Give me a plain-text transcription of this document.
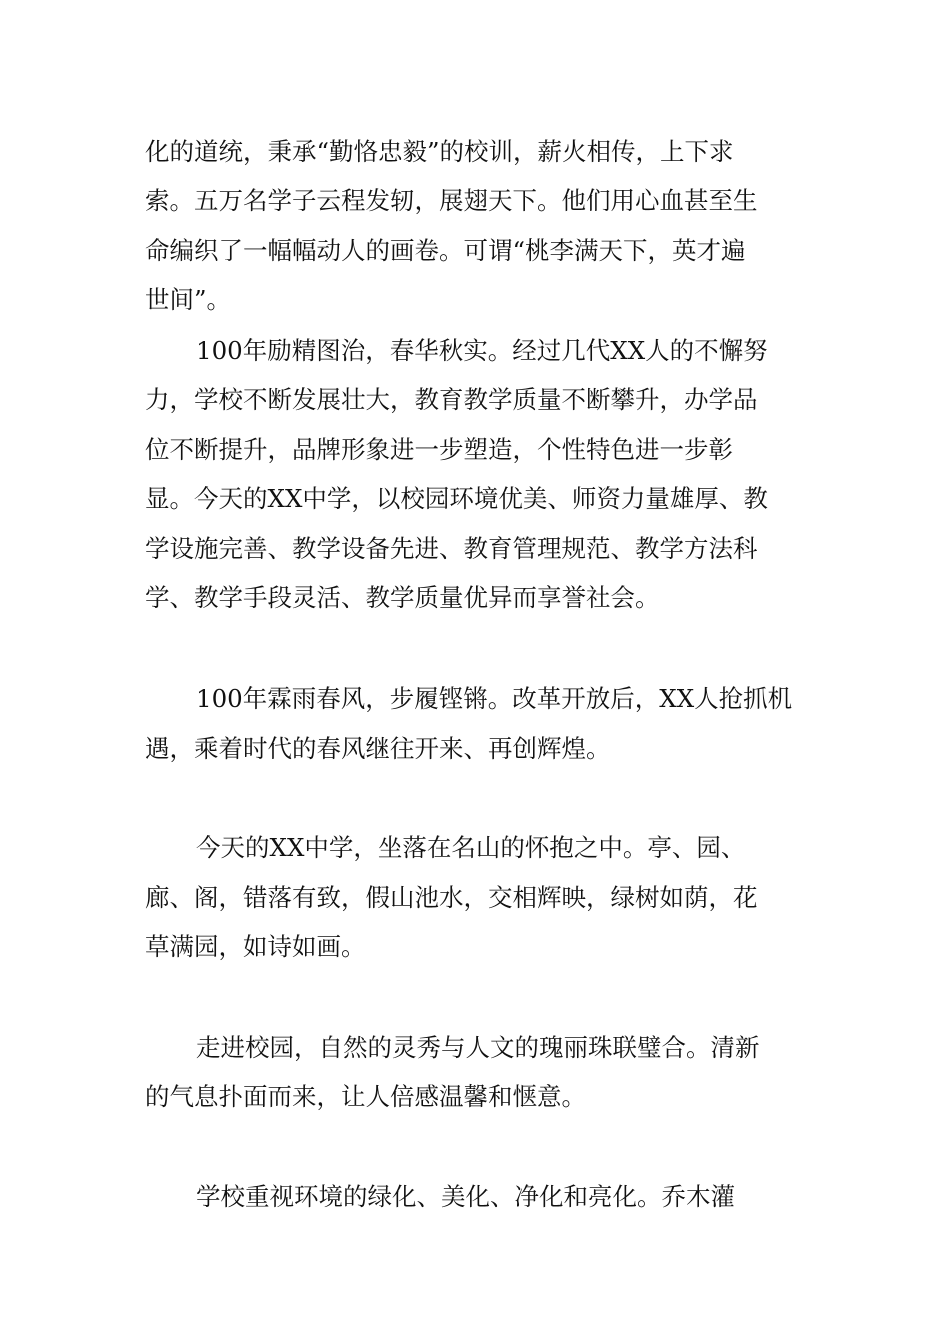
化的道统，秉承“勤恪忠毅”的校训，薪火相传，上下求
索。五万名学子云程发轫，展翅天下。他们用心血甚至生
命编织了一幅幅动人的画卷。可谓“桃李满天下，英才遍
世间”。
100年励精图治，春华秋实。经过几代XX人的不懈努
力，学校不断发展壮大，教育教学质量不断攀升，办学品
位不断提升，品牌形象进一步塑造，个性特色进一步彰
显。今天的XX中学，以校园环境优美、师资力量雄厚、教
学设施完善、教学设备先进、教育管理规范、教学方法科
学、教学手段灵活、教学质量优异而享誉社会。
100年霖雨春风，步履铿锵。改革开放后，XX人抢抓机
遇，乘着时代的春风继往开来、再创辉煌。
今天的XX中学，坐落在名山的怀抱之中。亭、园、
廊、阁，错落有致，假山池水，交相辉映，绿树如荫，花
草满园，如诗如画。
走进校园，自然的灵秀与人文的瑰丽珠联璧合。清新
的气息扑面而来，让人倍感温馨和惬意。
学校重视环境的绿化、美化、净化和亮化。乔木灌
